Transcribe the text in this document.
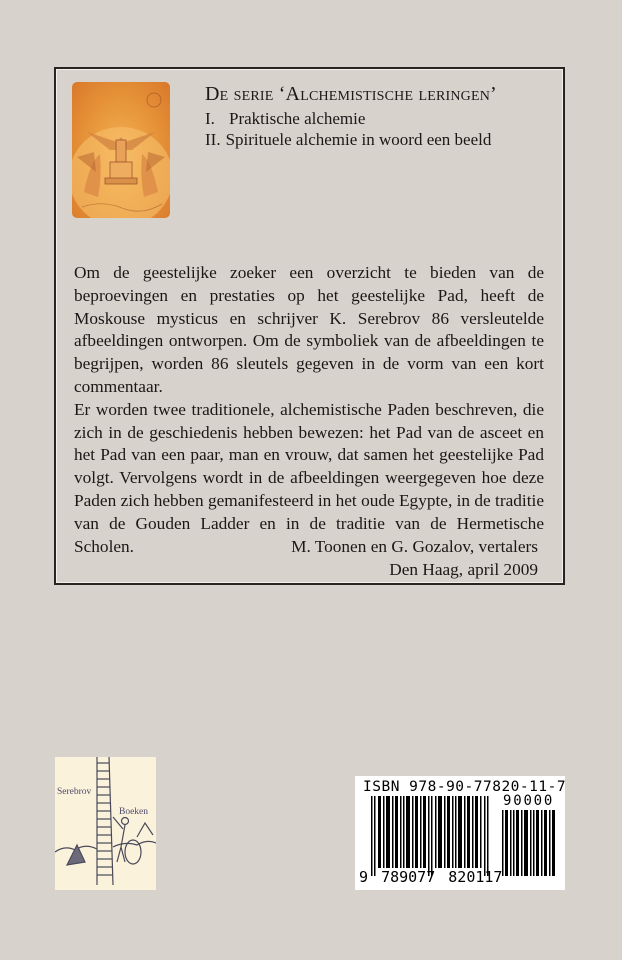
De serie ‘Alchemistische leringen’
I. Praktische alchemie
II. Spirituele alchemie in woord een beeld

Om de geestelijke zoeker een overzicht te bieden van de beproevingen en prestaties op het geestelijke Pad, heeft de Moskouse mysticus en schrijver K. Serebrov 86 versleutelde afbeeldingen ontworpen. Om de symboliek van de afbeeldingen te begrijpen, worden 86 sleutels gegeven in de vorm van een kort commentaar.

Er worden twee traditionele, alchemistische Paden beschreven, die zich in de geschiedenis hebben bewezen: het Pad van de asceet en het Pad van een paar, man en vrouw, dat samen het geestelijke Pad volgt. Vervolgens wordt in de afbeeldingen weergegeven hoe deze Paden zich hebben gemanifesteerd in het oude Egypte, in de traditie van de Gouden Ladder en in de traditie van de Hermetische Scholen.	M. Toonen en G. Gozalov, vertalers
Den Haag, april 2009
Serebrov
Boeken
ISBN 978-90-77820-11-7
90000
9 789077 820117
